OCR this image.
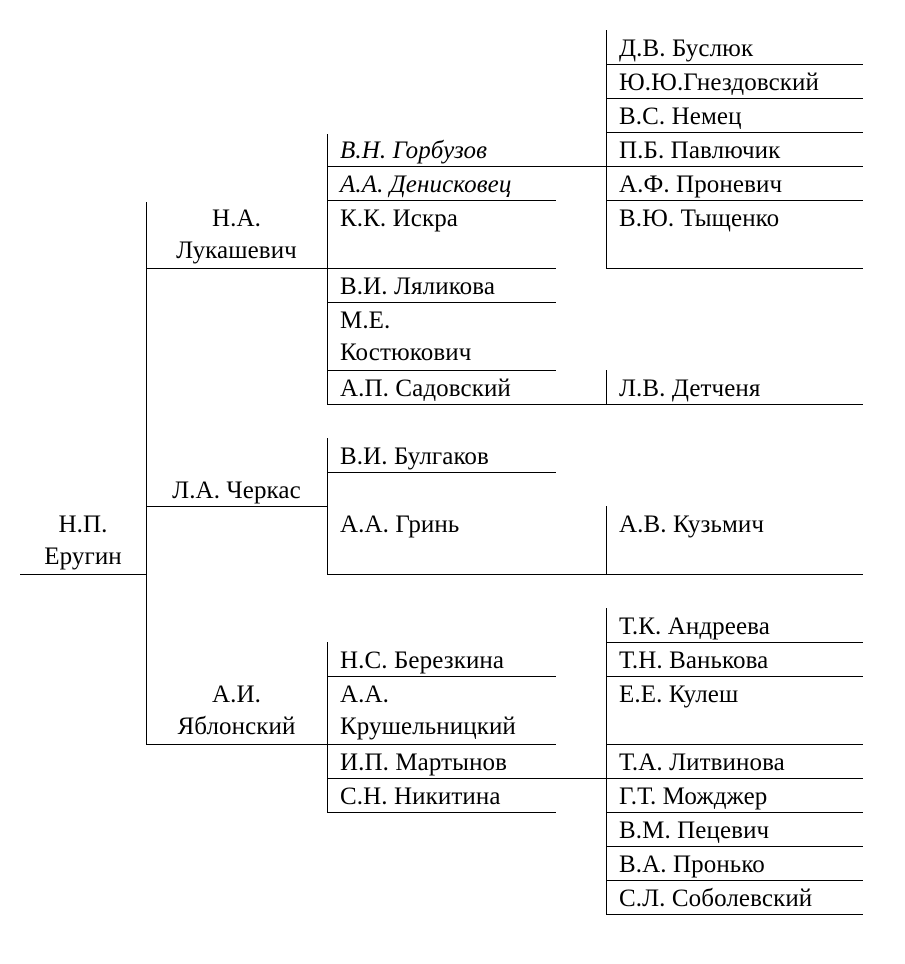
Н.П.
Еругин
Н.А.
Лукашевич
В.Н. Горбузов
А.А. Денисковец
К.К. Искра
В.И. Ляликова
М.Е.
Костюкович
А.П. Садовский
Д.В. Буслюк
Ю.Ю.Гнездовский
В.С. Немец
П.Б. Павлючик
А.Ф. Проневич
В.Ю. Тыщенко
Л.В. Детченя
Л.А. Черкас
В.И. Булгаков
А.А. Гринь	А.В. Кузьмич
А.И.
Яблонский
Н.С. Березкина
А.А.
Крушельницкий
И.П. Мартынов
С.Н. Никитина
Т.К. Андреева
Т.Н. Ванькова
Е.Е. Кулеш
Т.А. Литвинова
Г.Т. Можджер
В.М. Пецевич
В.А. Пронько
С.Л. Соболевский
